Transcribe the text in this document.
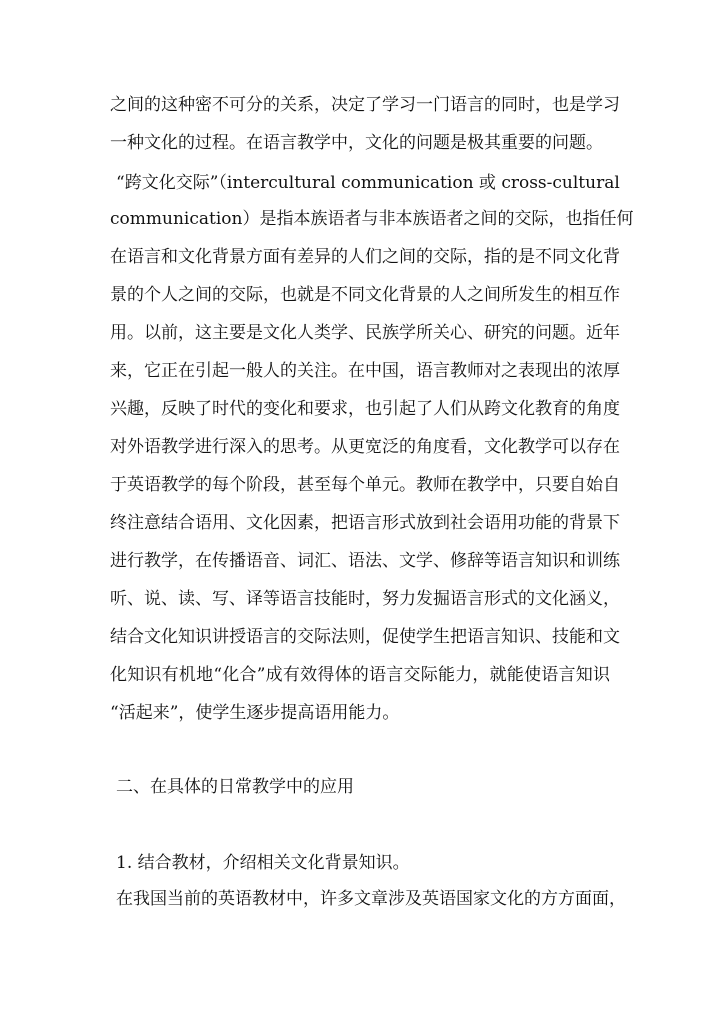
之间的这种密不可分的关系，决定了学习一门语言的同时，也是学习
一种文化的过程。在语言教学中，文化的问题是极其重要的问题。
“跨文化交际”（intercultural communication 或 cross-cultural
communication）是指本族语者与非本族语者之间的交际，也指任何
在语言和文化背景方面有差异的人们之间的交际，指的是不同文化背
景的个人之间的交际，也就是不同文化背景的人之间所发生的相互作
用。以前，这主要是文化人类学、民族学所关心、研究的问题。近年
来，它正在引起一般人的关注。在中国，语言教师对之表现出的浓厚
兴趣，反映了时代的变化和要求，也引起了人们从跨文化教育的角度
对外语教学进行深入的思考。从更宽泛的角度看，文化教学可以存在
于英语教学的每个阶段，甚至每个单元。教师在教学中，只要自始自
终注意结合语用、文化因素，把语言形式放到社会语用功能的背景下
进行教学，在传播语音、词汇、语法、文学、修辞等语言知识和训练
听、说、读、写、译等语言技能时，努力发掘语言形式的文化涵义，
结合文化知识讲授语言的交际法则，促使学生把语言知识、技能和文
化知识有机地“化合”成有效得体的语言交际能力，就能使语言知识
“活起来”，使学生逐步提高语用能力。
二、在具体的日常教学中的应用
1. 结合教材，介绍相关文化背景知识。
在我国当前的英语教材中，许多文章涉及英语国家文化的方方面面，
